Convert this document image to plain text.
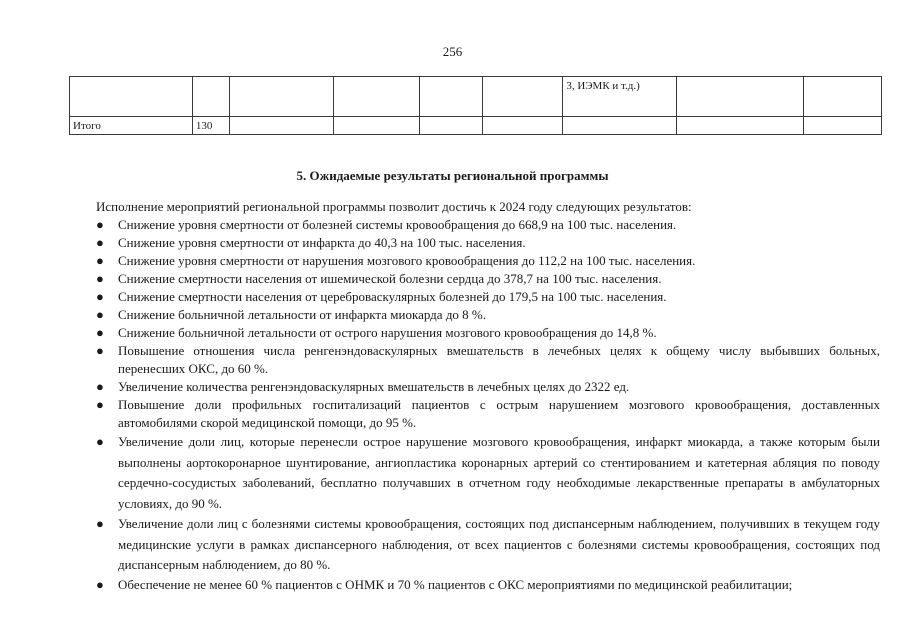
256
						3, ИЭМК и т.д.)		
Итого	130							
5. Ожидаемые результаты региональной программы

Исполнение мероприятий региональной программы позволит достичь к 2024 году следующих результатов:

● Снижение уровня смертности от болезней системы кровообращения до 668,9 на 100 тыс. населения.
● Снижение уровня смертности от инфаркта до 40,3 на 100 тыс. населения.
● Снижение уровня смертности от нарушения мозгового кровообращения до 112,2 на 100 тыс. населения.
● Снижение смертности населения от ишемической болезни сердца до 378,7 на 100 тыс. населения.
● Снижение смертности населения от цереброваскулярных болезней до 179,5 на 100 тыс. населения.
● Снижение больничной летальности от инфаркта миокарда до 8 %.
● Снижение больничной летальности от острого нарушения мозгового кровообращения до 14,8 %.
● Повышение отношения числа ренгенэндоваскулярных вмешательств в лечебных целях к общему числу выбывших больных, перенесших ОКС, до 60 %.
● Увеличение количества ренгенэндоваскулярных вмешательств в лечебных целях до 2322 ед.
● Повышение доли профильных госпитализаций пациентов с острым нарушением мозгового кровообращения, доставленных автомобилями скорой медицинской помощи, до 95 %.
● Увеличение доли лиц, которые перенесли острое нарушение мозгового кровообращения, инфаркт миокарда, а также которым были выполнены аортокоронарное шунтирование, ангиопластика коронарных артерий со стентированием и катетерная абляция по поводу сердечно-сосудистых заболеваний, бесплатно получавших в отчетном году необходимые лекарственные препараты в амбулаторных условиях, до 90 %.
● Увеличение доли лиц с болезнями системы кровообращения, состоящих под диспансерным наблюдением, получивших в текущем году медицинские услуги в рамках диспансерного наблюдения, от всех пациентов с болезнями системы кровообращения, состоящих под диспансерным наблюдением, до 80 %.
● Обеспечение не менее 60 % пациентов с ОНМК и 70 % пациентов с ОКС мероприятиями по медицинской реабилитации;
